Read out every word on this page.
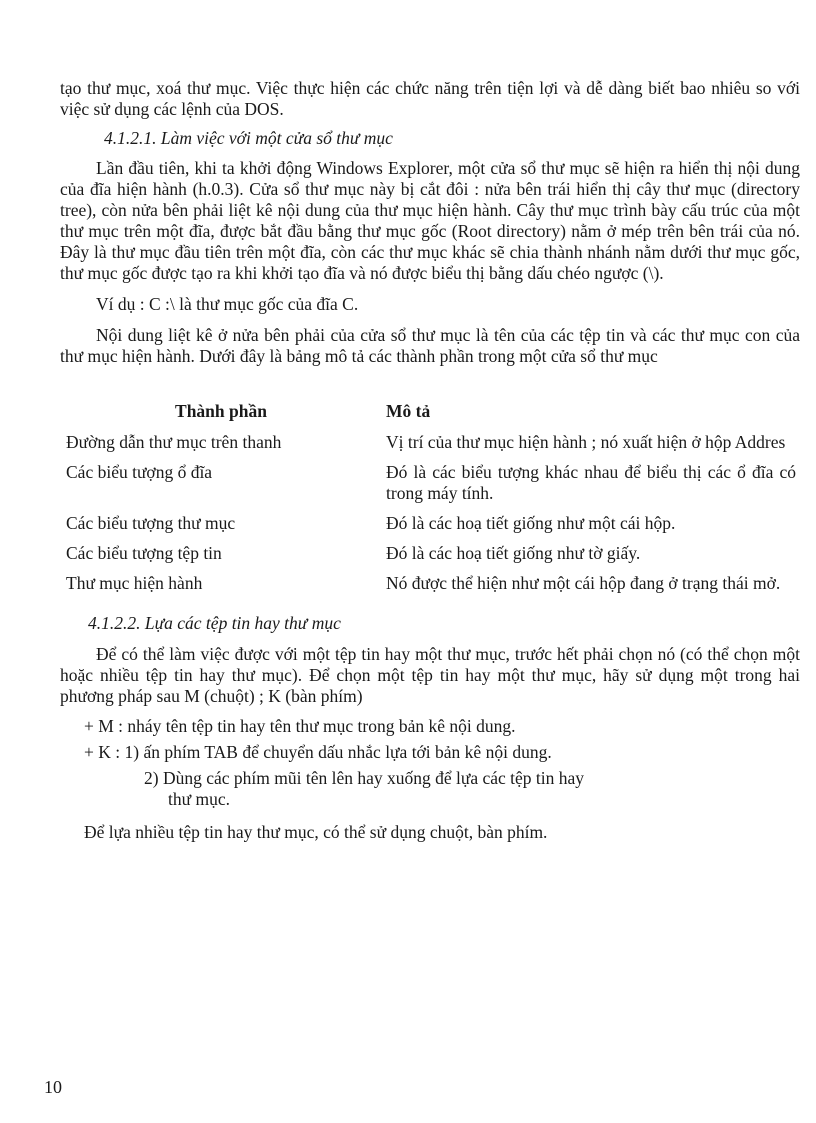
tạo thư mục, xoá thư mục. Việc thực hiện các chức năng trên tiện lợi và dễ dàng biết bao nhiêu so với việc sử dụng các lệnh của DOS.

4.1.2.1. Làm việc với một cửa sổ thư mục

Lần đầu tiên, khi ta khởi động Windows Explorer, một cửa sổ thư mục sẽ hiện ra hiển thị nội dung của đĩa hiện hành (h.0.3). Cửa sổ thư mục này bị cắt đôi : nửa bên trái hiển thị cây thư mục (directory tree), còn nửa bên phải liệt kê nội dung của thư mục hiện hành. Cây thư mục trình bày cấu trúc của một thư mục trên một đĩa, được bắt đầu bằng thư mục gốc (Root directory) nằm ở mép trên bên trái của nó. Đây là thư mục đầu tiên trên một đĩa, còn các thư mục khác sẽ chia thành nhánh nằm dưới thư mục gốc, thư mục gốc được tạo ra khi khởi tạo đĩa và nó được biểu thị bằng dấu chéo ngược (\).

Ví dụ : C :\ là thư mục gốc của đĩa C.

Nội dung liệt kê ở nửa bên phải của cửa sổ thư mục là tên của các tệp tin và các thư mục con của thư mục hiện hành. Dưới đây là bảng mô tả các thành phần trong một cửa sổ thư mục

Thành phần	Mô tả
Đường dẫn thư mục trên thanh	Vị trí của thư mục hiện hành ; nó xuất hiện ở hộp Addres
Các biểu tượng ổ đĩa	Đó là các biểu tượng khác nhau để biểu thị các ổ đĩa có trong máy tính.
Các biểu tượng thư mục	Đó là các hoạ tiết giống như một cái hộp.
Các biểu tượng tệp tin	Đó là các hoạ tiết giống như tờ giấy.
Thư mục hiện hành	Nó được thể hiện như một cái hộp đang ở trạng thái mở.

4.1.2.2. Lựa các tệp tin hay thư mục

Để có thể làm việc được với một tệp tin hay một thư mục, trước hết phải chọn nó (có thể chọn một hoặc nhiều tệp tin hay thư mục). Để chọn một tệp tin hay một thư mục, hãy sử dụng một trong hai phương pháp sau M (chuột) ; K (bàn phím)

+ M : nháy tên tệp tin hay tên thư mục trong bản kê nội dung.

+ K : 1) ấn phím TAB để chuyển dấu nhắc lựa tới bản kê nội dung.

2) Dùng các phím mũi tên lên hay xuống để lựa các tệp tin hay

thư mục.

Để lựa nhiều tệp tin hay thư mục, có thể sử dụng chuột, bàn phím.

10
